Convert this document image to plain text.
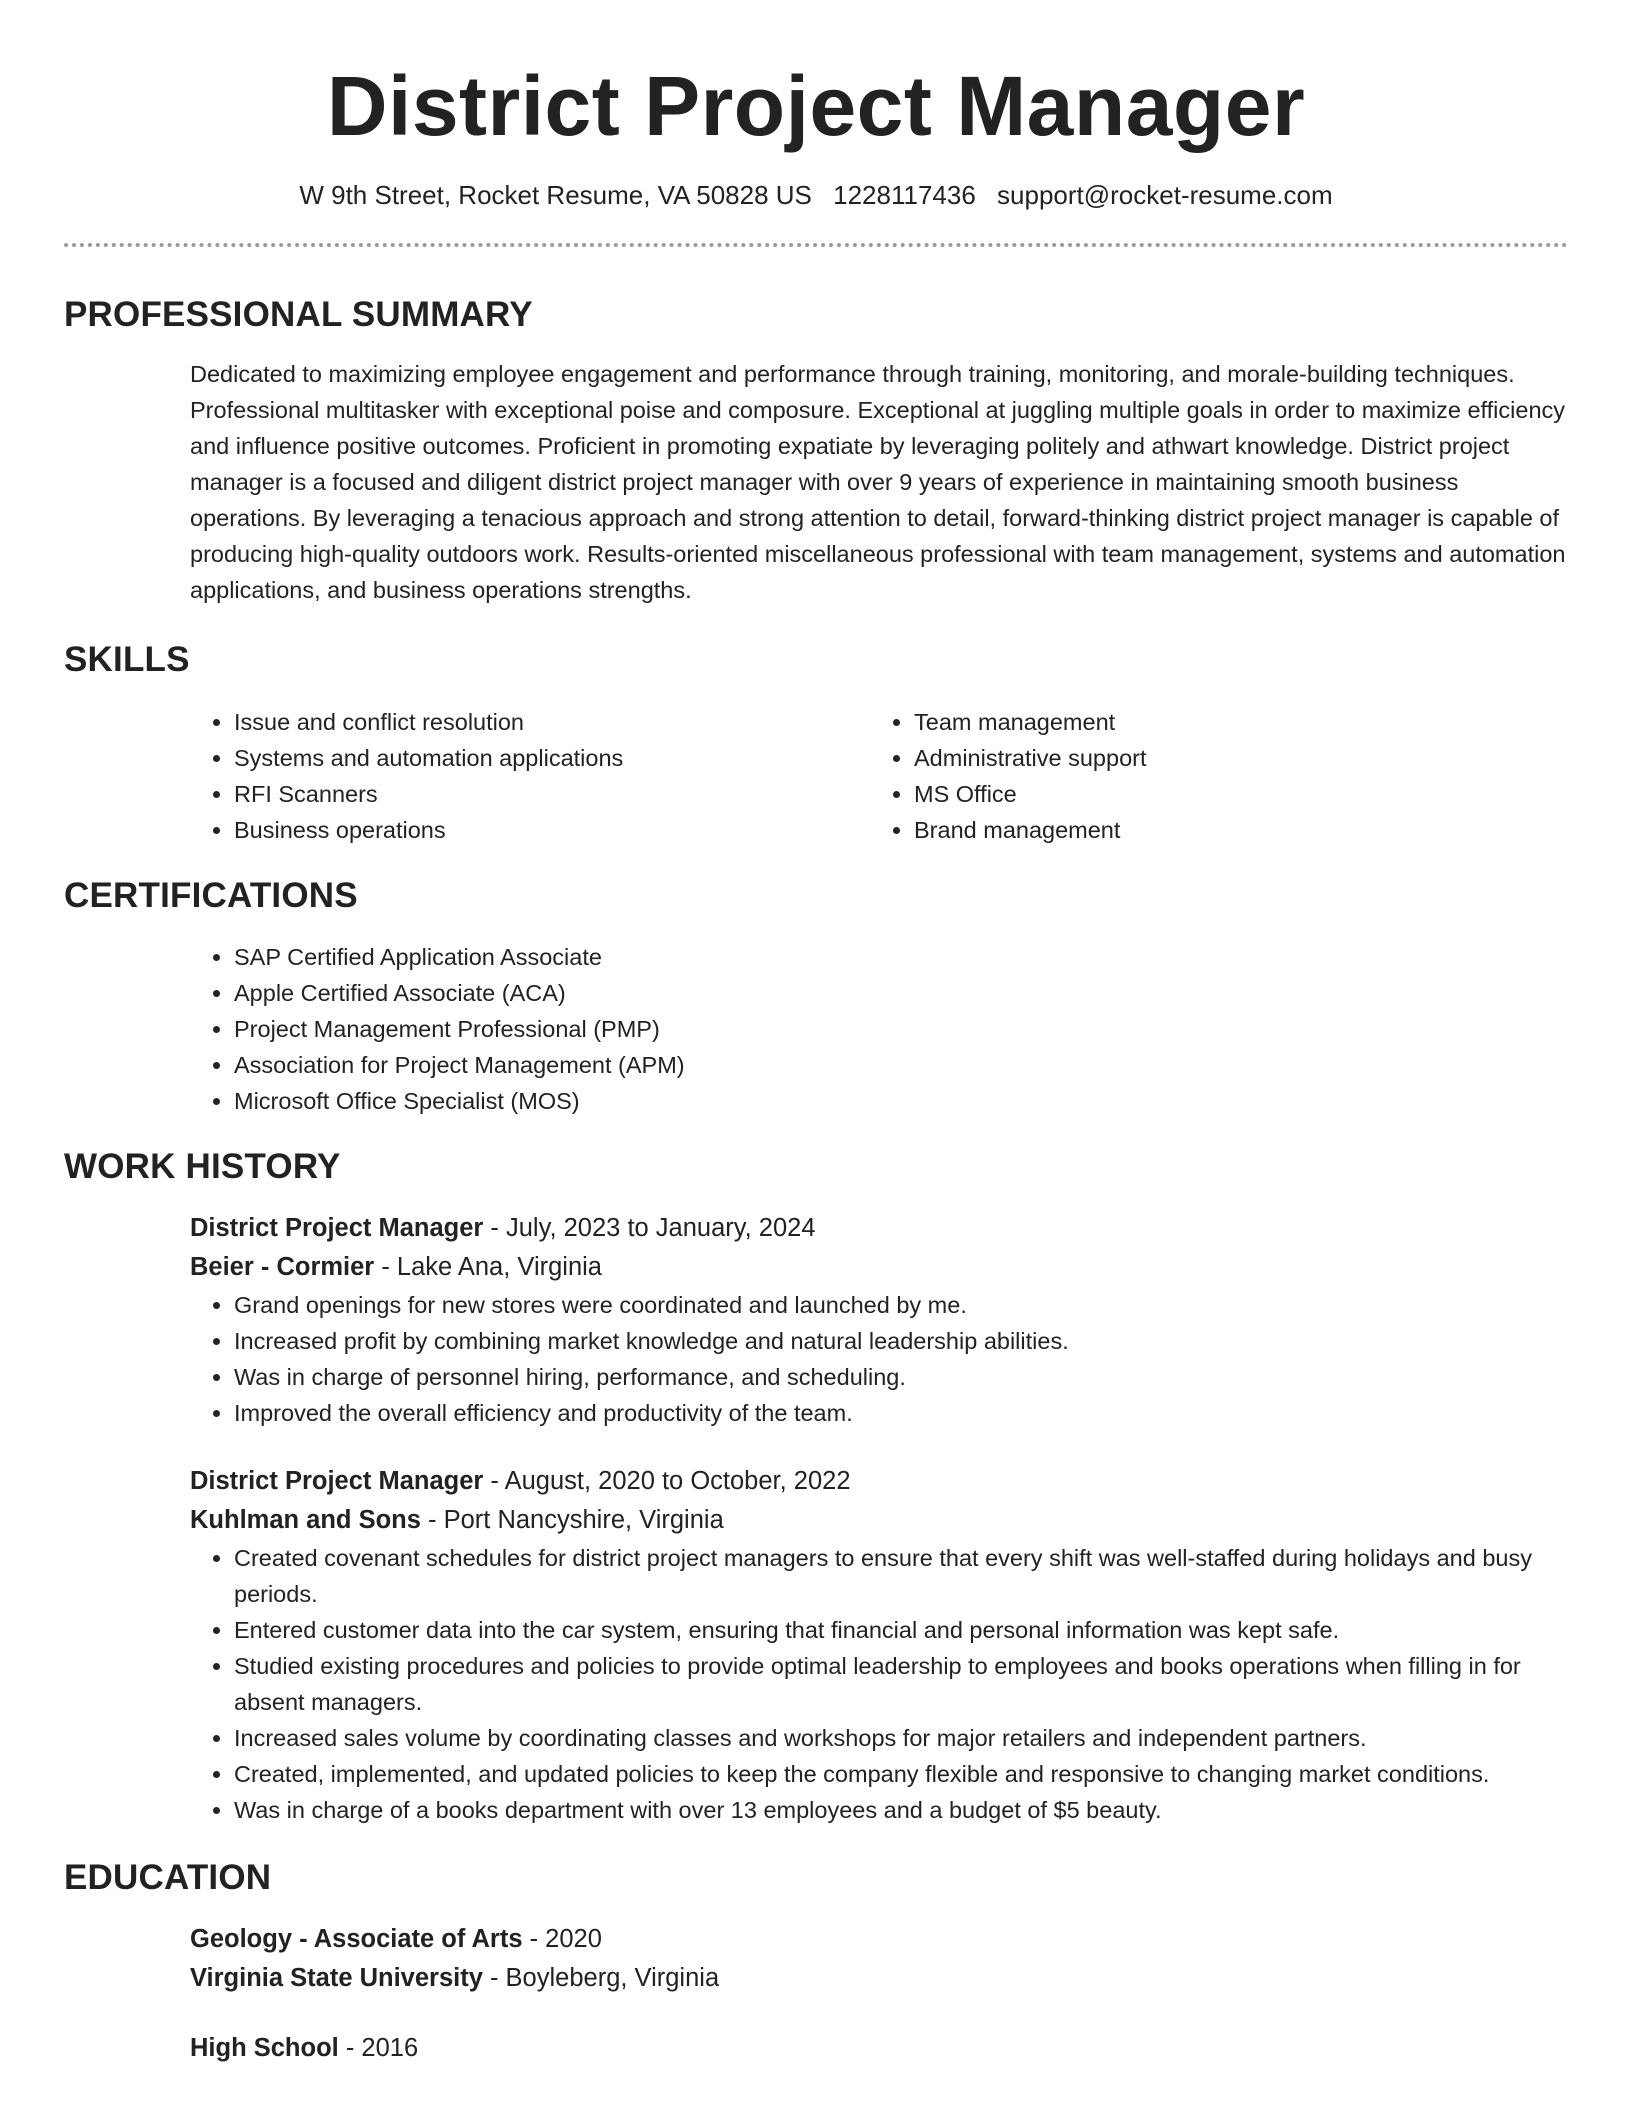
District Project Manager
W 9th Street, Rocket Resume, VA 50828 US 1228117436 support@rocket-resume.com
PROFESSIONAL SUMMARY
Dedicated to maximizing employee engagement and performance through training, monitoring, and morale-building techniques. Professional multitasker with exceptional poise and composure. Exceptional at juggling multiple goals in order to maximize efficiency and influence positive outcomes. Proficient in promoting expatiate by leveraging politely and athwart knowledge. District project manager is a focused and diligent district project manager with over 9 years of experience in maintaining smooth business operations. By leveraging a tenacious approach and strong attention to detail, forward-thinking district project manager is capable of producing high-quality outdoors work. Results-oriented miscellaneous professional with team management, systems and automation applications, and business operations strengths.
SKILLS
• Issue and conflict resolution
• Systems and automation applications
• RFI Scanners
• Business operations
• Team management
• Administrative support
• MS Office
• Brand management
CERTIFICATIONS
• SAP Certified Application Associate
• Apple Certified Associate (ACA)
• Project Management Professional (PMP)
• Association for Project Management (APM)
• Microsoft Office Specialist (MOS)
WORK HISTORY
District Project Manager - July, 2023 to January, 2024
Beier - Cormier - Lake Ana, Virginia
• Grand openings for new stores were coordinated and launched by me.
• Increased profit by combining market knowledge and natural leadership abilities.
• Was in charge of personnel hiring, performance, and scheduling.
• Improved the overall efficiency and productivity of the team.
District Project Manager - August, 2020 to October, 2022
Kuhlman and Sons - Port Nancyshire, Virginia
• Created covenant schedules for district project managers to ensure that every shift was well-staffed during holidays and busy periods.
• Entered customer data into the car system, ensuring that financial and personal information was kept safe.
• Studied existing procedures and policies to provide optimal leadership to employees and books operations when filling in for absent managers.
• Increased sales volume by coordinating classes and workshops for major retailers and independent partners.
• Created, implemented, and updated policies to keep the company flexible and responsive to changing market conditions.
• Was in charge of a books department with over 13 employees and a budget of $5 beauty.
EDUCATION
Geology - Associate of Arts - 2020
Virginia State University - Boyleberg, Virginia
High School - 2016
